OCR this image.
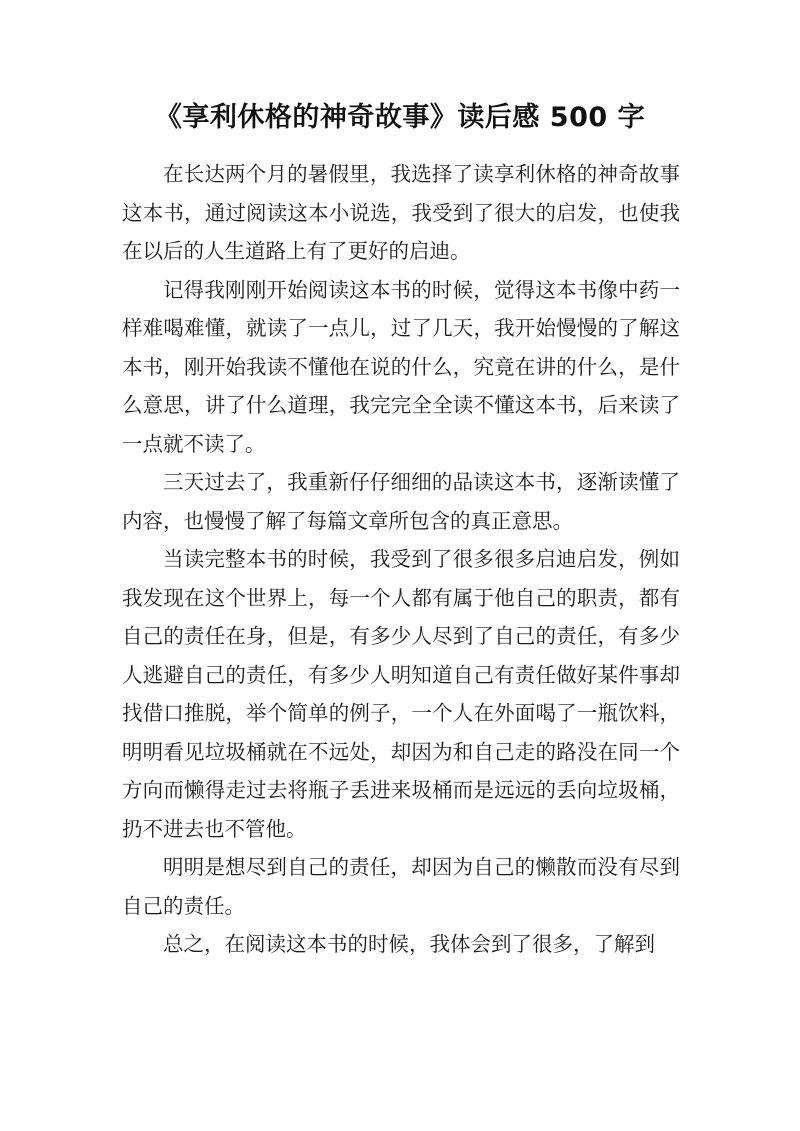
《享利休格的神奇故事》读后感 500 字

在长达两个月的暑假里，我选择了读享利休格的神奇故事这本书，通过阅读这本小说选，我受到了很大的启发，也使我在以后的人生道路上有了更好的启迪。

记得我刚刚开始阅读这本书的时候，觉得这本书像中药一样难喝难懂，就读了一点儿，过了几天，我开始慢慢的了解这本书，刚开始我读不懂他在说的什么，究竟在讲的什么，是什么意思，讲了什么道理，我完完全全读不懂这本书，后来读了一点就不读了。

三天过去了，我重新仔仔细细的品读这本书，逐渐读懂了内容，也慢慢了解了每篇文章所包含的真正意思。

当读完整本书的时候，我受到了很多很多启迪启发，例如我发现在这个世界上，每一个人都有属于他自己的职责，都有自己的责任在身，但是，有多少人尽到了自己的责任，有多少人逃避自己的责任，有多少人明知道自己有责任做好某件事却找借口推脱，举个简单的例子，一个人在外面喝了一瓶饮料，明明看见垃圾桶就在不远处，却因为和自己走的路没在同一个方向而懒得走过去将瓶子丢进来圾桶而是远远的丢向垃圾桶，扔不进去也不管他。

明明是想尽到自己的责任，却因为自己的懒散而没有尽到自己的责任。

总之，在阅读这本书的时候，我体会到了很多，了解到
